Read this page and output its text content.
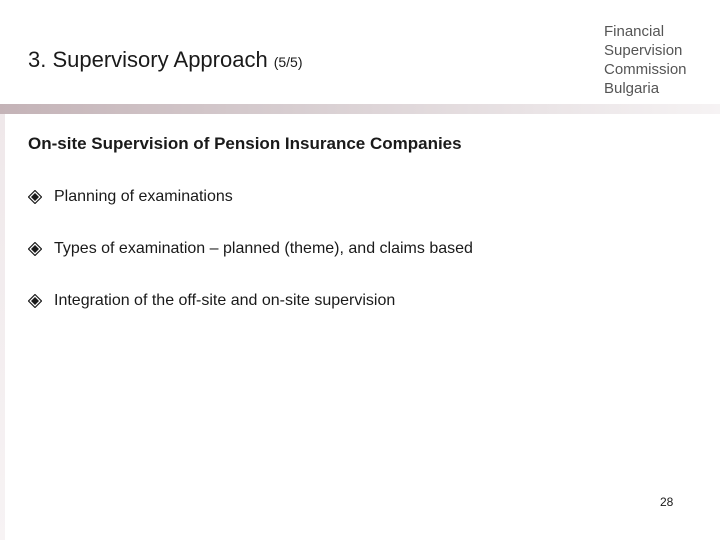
3. Supervisory Approach (5/5)
Financial
Supervision
Commission
Bulgaria
On-site Supervision of Pension Insurance Companies
Planning of examinations
Types of examination – planned (theme), and claims based
Integration of the off-site and on-site supervision
28
